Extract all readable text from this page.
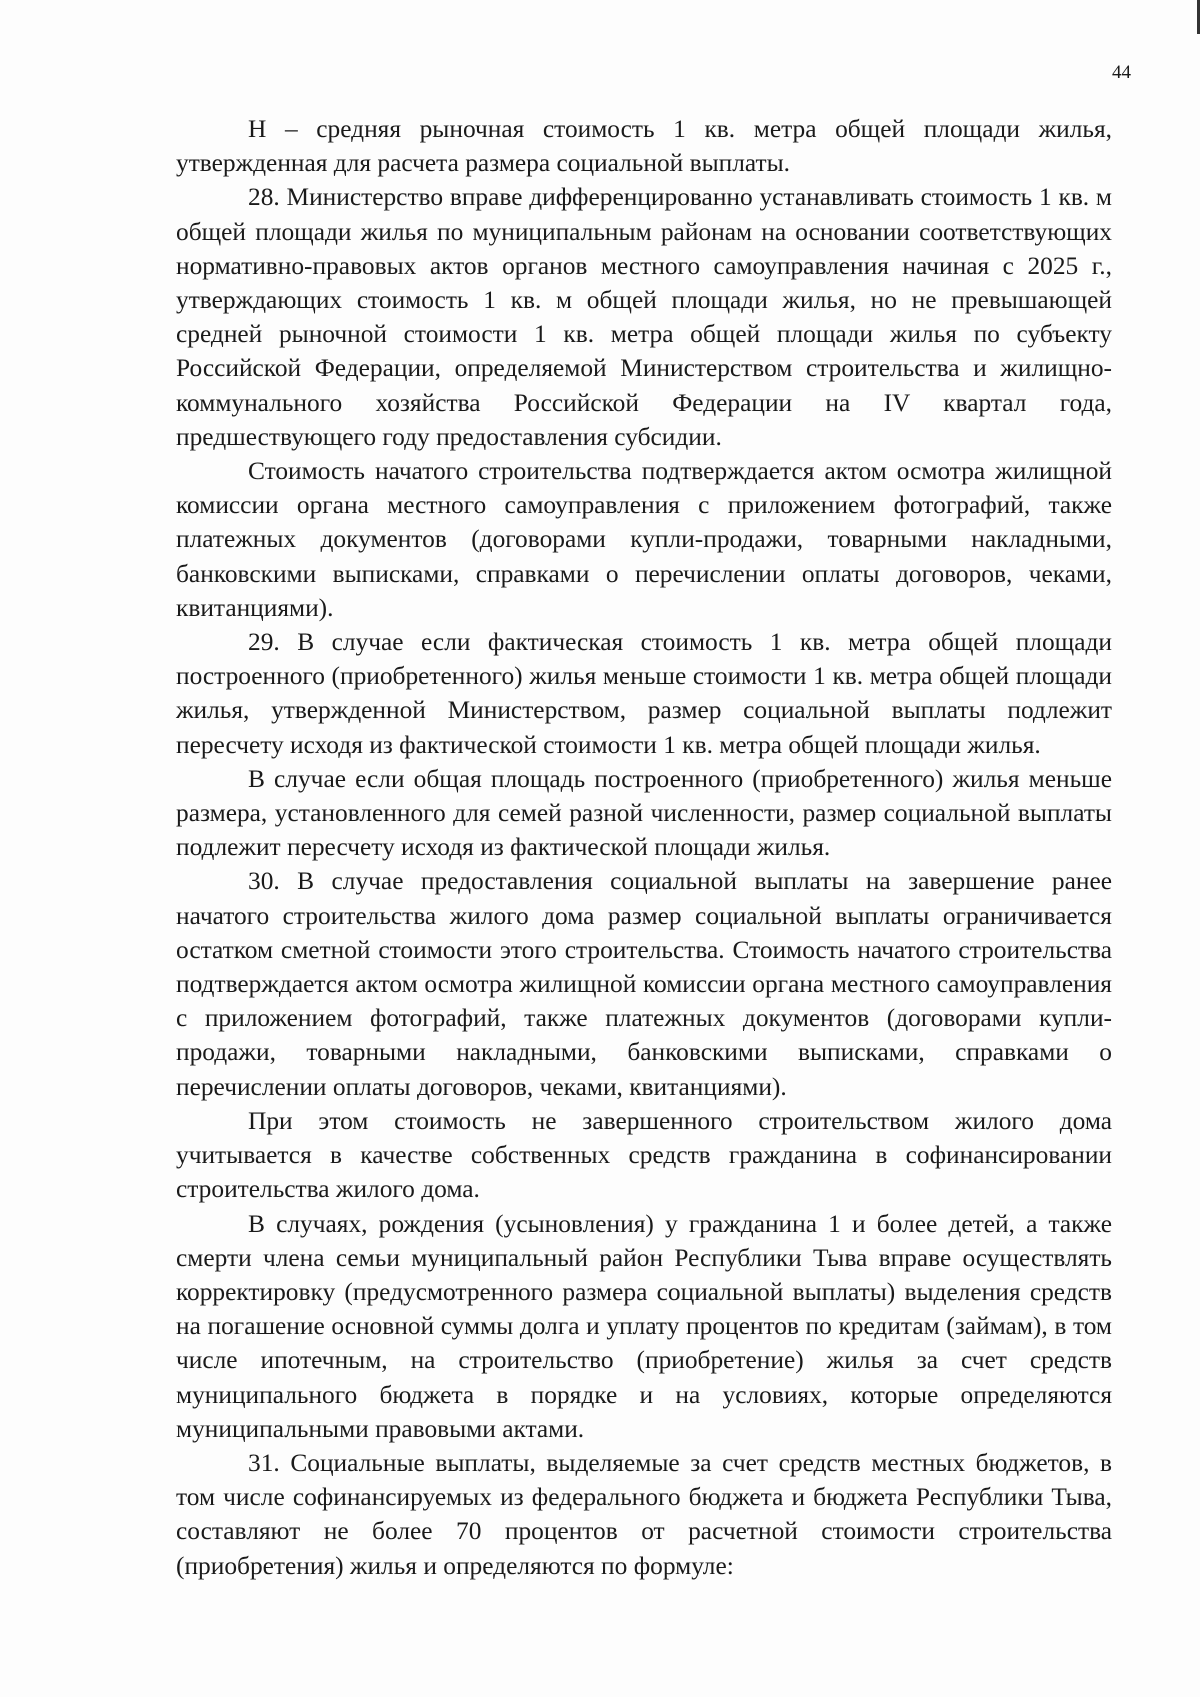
44

Н – средняя рыночная стоимость 1 кв. метра общей площади жилья, утвержденная для расчета размера социальной выплаты.

28. Министерство вправе дифференцированно устанавливать стоимость 1 кв. м общей площади жилья по муниципальным районам на основании соответствующих нормативно-правовых актов органов местного самоуправления начиная с 2025 г., утверждающих стоимость 1 кв. м общей площади жилья, но не превышающей средней рыночной стоимости 1 кв. метра общей площади жилья по субъекту Российской Федерации, определяемой Министерством строительства и жилищно-коммунального хозяйства Российской Федерации на IV квартал года, предшествующего году предоставления субсидии.

Стоимость начатого строительства подтверждается актом осмотра жилищной комиссии органа местного самоуправления с приложением фотографий, также платежных документов (договорами купли-продажи, товарными накладными, банковскими выписками, справками о перечислении оплаты договоров, чеками, квитанциями).

29. В случае если фактическая стоимость 1 кв. метра общей площади построенного (приобретенного) жилья меньше стоимости 1 кв. метра общей площади жилья, утвержденной Министерством, размер социальной выплаты подлежит пересчету исходя из фактической стоимости 1 кв. метра общей площади жилья.

В случае если общая площадь построенного (приобретенного) жилья меньше размера, установленного для семей разной численности, размер социальной выплаты подлежит пересчету исходя из фактической площади жилья.

30. В случае предоставления социальной выплаты на завершение ранее начатого строительства жилого дома размер социальной выплаты ограничивается остатком сметной стоимости этого строительства. Стоимость начатого строительства подтверждается актом осмотра жилищной комиссии органа местного самоуправления с приложением фотографий, также платежных документов (договорами купли-продажи, товарными накладными, банковскими выписками, справками о перечислении оплаты договоров, чеками, квитанциями).

При этом стоимость не завершенного строительством жилого дома учитывается в качестве собственных средств гражданина в софинансировании строительства жилого дома.

В случаях, рождения (усыновления) у гражданина 1 и более детей, а также смерти члена семьи муниципальный район Республики Тыва вправе осуществлять корректировку (предусмотренного размера социальной выплаты) выделения средств на погашение основной суммы долга и уплату процентов по кредитам (займам), в том числе ипотечным, на строительство (приобретение) жилья за счет средств муниципального бюджета в порядке и на условиях, которые определяются муниципальными правовыми актами.

31. Социальные выплаты, выделяемые за счет средств местных бюджетов, в том числе софинансируемых из федерального бюджета и бюджета Республики Тыва, составляют не более 70 процентов от расчетной стоимости строительства (приобретения) жилья и определяются по формуле:
